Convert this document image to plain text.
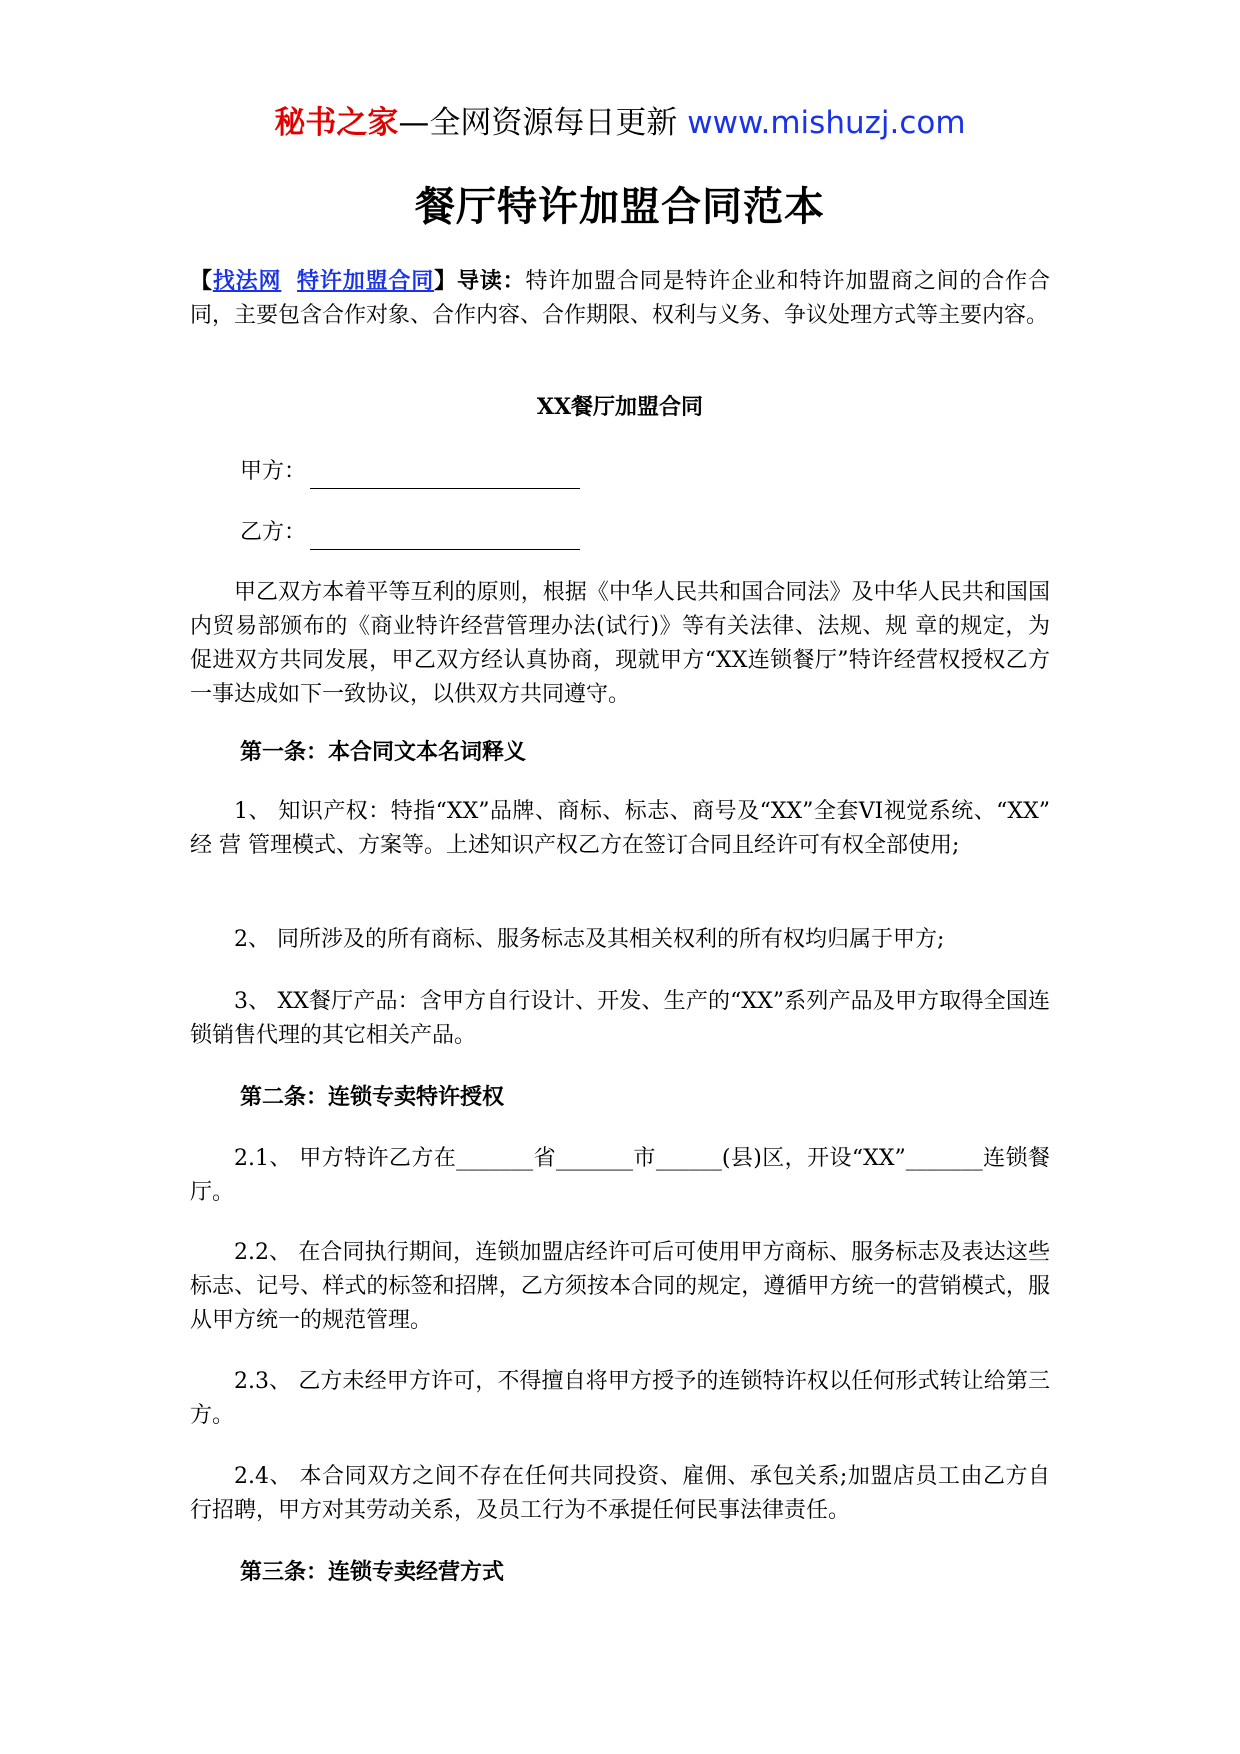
秘书之家—全网资源每日更新 www.mishuzj.com
餐厅特许加盟合同范本
【找法网 特许加盟合同】导读：特许加盟合同是特许企业和特许加盟商之间的合作合同，主要包含合作对象、合作内容、合作期限、权利与义务、争议处理方式等主要内容。
XX餐厅加盟合同
甲方：
乙方：
甲乙双方本着平等互利的原则，根据《中华人民共和国合同法》及中华人民共和国国内贸易部颁布的《商业特许经营管理办法(试行)》等有关法律、法规、规 章的规定，为促进双方共同发展，甲乙双方经认真协商，现就甲方“XX连锁餐厅”特许经营权授权乙方一事达成如下一致协议，以供双方共同遵守。
第一条：本合同文本名词释义
1、 知识产权：特指“XX”品牌、商标、标志、商号及“XX”全套VI视觉系统、“XX” 经 营 管理模式、方案等。上述知识产权乙方在签订合同且经许可有权全部使用;
2、 同所涉及的所有商标、服务标志及其相关权利的所有权均归属于甲方;
3、 XX餐厅产品：含甲方自行设计、开发、生产的“XX”系列产品及甲方取得全国连锁销售代理的其它相关产品。
第二条：连锁专卖特许授权
2.1、 甲方特许乙方在_______省_______市______(县)区，开设“XX”_______连锁餐厅。
2.2、 在合同执行期间，连锁加盟店经许可后可使用甲方商标、服务标志及表达这些标志、记号、样式的标签和招牌，乙方须按本合同的规定，遵循甲方统一的营销模式，服从甲方统一的规范管理。
2.3、 乙方未经甲方许可，不得擅自将甲方授予的连锁特许权以任何形式转让给第三方。
2.4、 本合同双方之间不存在任何共同投资、雇佣、承包关系;加盟店员工由乙方自行招聘，甲方对其劳动关系，及员工行为不承提任何民事法律责任。
第三条：连锁专卖经营方式
